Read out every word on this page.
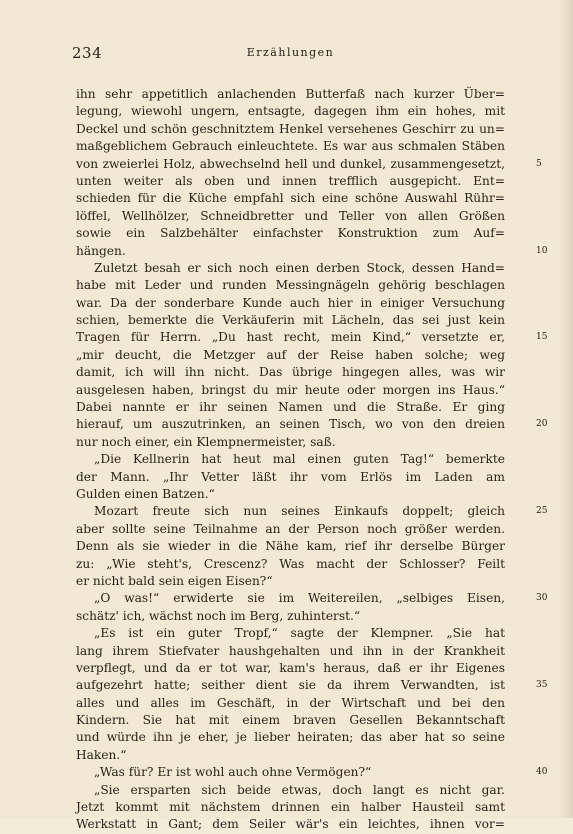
234	Erzählungen
ihn sehr appetitlich anlachenden Butterfaß nach kurzer Über=
legung, wiewohl ungern, entsagte, dagegen ihm ein hohes, mit
Deckel und schön geschnitztem Henkel versehenes Geschirr zu un=
maßgeblichem Gebrauch einleuchtete. Es war aus schmalen Stäben
von zweierlei Holz, abwechselnd hell und dunkel, zusammengesetzt,	5
unten weiter als oben und innen trefflich ausgepicht. Ent=
schieden für die Küche empfahl sich eine schöne Auswahl Rühr=
löffel, Wellhölzer, Schneidbretter und Teller von allen Größen
sowie ein Salzbehälter einfachster Konstruktion zum Auf=
hängen.	10
Zuletzt besah er sich noch einen derben Stock, dessen Hand=
habe mit Leder und runden Messingnägeln gehörig beschlagen
war. Da der sonderbare Kunde auch hier in einiger Versuchung
schien, bemerkte die Verkäuferin mit Lächeln, das sei just kein
Tragen für Herrn. „Du hast recht, mein Kind,“ versetzte er,	15
„mir deucht, die Metzger auf der Reise haben solche; weg
damit, ich will ihn nicht. Das übrige hingegen alles, was wir
ausgelesen haben, bringst du mir heute oder morgen ins Haus.“
Dabei nannte er ihr seinen Namen und die Straße. Er ging
hierauf, um auszutrinken, an seinen Tisch, wo von den dreien	20
nur noch einer, ein Klempnermeister, saß.
„Die Kellnerin hat heut mal einen guten Tag!“ bemerkte
der Mann. „Ihr Vetter läßt ihr vom Erlös im Laden am
Gulden einen Batzen.“
Mozart freute sich nun seines Einkaufs doppelt; gleich	25
aber sollte seine Teilnahme an der Person noch größer werden.
Denn als sie wieder in die Nähe kam, rief ihr derselbe Bürger
zu: „Wie steht's, Crescenz? Was macht der Schlosser? Feilt
er nicht bald sein eigen Eisen?“
„O was!“ erwiderte sie im Weitereilen, „selbiges Eisen,	30
schätz' ich, wächst noch im Berg, zuhinterst.“
„Es ist ein guter Tropf,“ sagte der Klempner. „Sie hat
lang ihrem Stiefvater haushgehalten und ihn in der Krankheit
verpflegt, und da er tot war, kam's heraus, daß er ihr Eigenes
aufgezehrt hatte; seither dient sie da ihrem Verwandten, ist	35
alles und alles im Geschäft, in der Wirtschaft und bei den
Kindern. Sie hat mit einem braven Gesellen Bekanntschaft
und würde ihn je eher, je lieber heiraten; das aber hat so seine
Haken.“
„Was für? Er ist wohl auch ohne Vermögen?“	40
„Sie ersparten sich beide etwas, doch langt es nicht gar.
Jetzt kommt mit nächstem drinnen ein halber Hausteil samt
Werkstatt in Gant; dem Seiler wär's ein leichtes, ihnen vor=
